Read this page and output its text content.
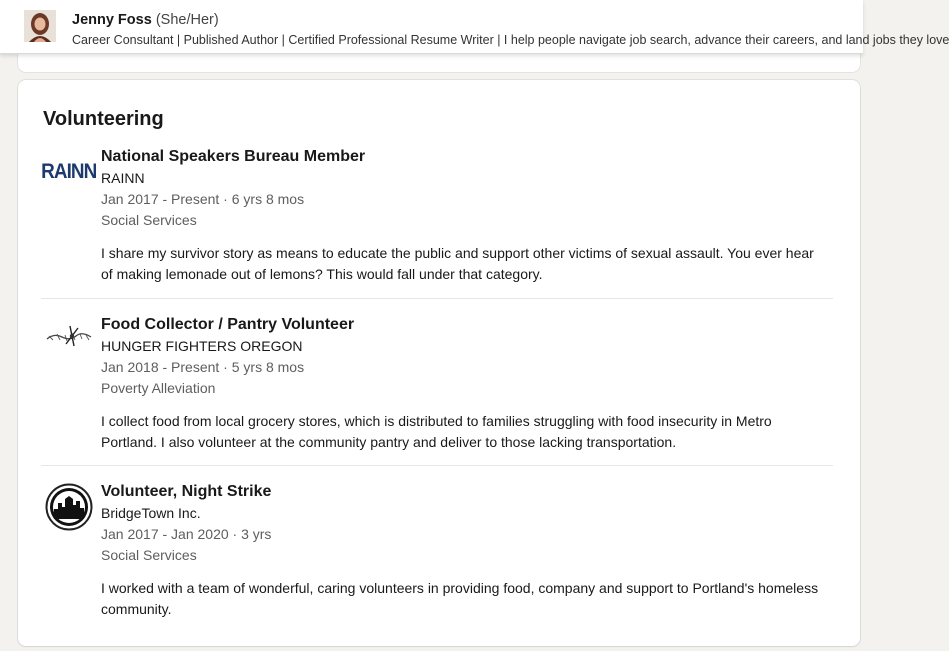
Jenny Foss (She/Her)
Career Consultant | Published Author | Certified Professional Resume Writer | I help people navigate job search, advance their careers, and land jobs they love
Volunteering
RAINN
National Speakers Bureau Member
RAINN
Jan 2017 - Present · 6 yrs 8 mos
Social Services
I share my survivor story as means to educate the public and support other victims of sexual assault. You ever hear of making lemonade out of lemons? This would fall under that category.
Food Collector / Pantry Volunteer
HUNGER FIGHTERS OREGON
Jan 2018 - Present · 5 yrs 8 mos
Poverty Alleviation
I collect food from local grocery stores, which is distributed to families struggling with food insecurity in Metro Portland. I also volunteer at the community pantry and deliver to those lacking transportation.
Volunteer, Night Strike
BridgeTown Inc.
Jan 2017 - Jan 2020 · 3 yrs
Social Services
I worked with a team of wonderful, caring volunteers in providing food, company and support to Portland's homeless community.
